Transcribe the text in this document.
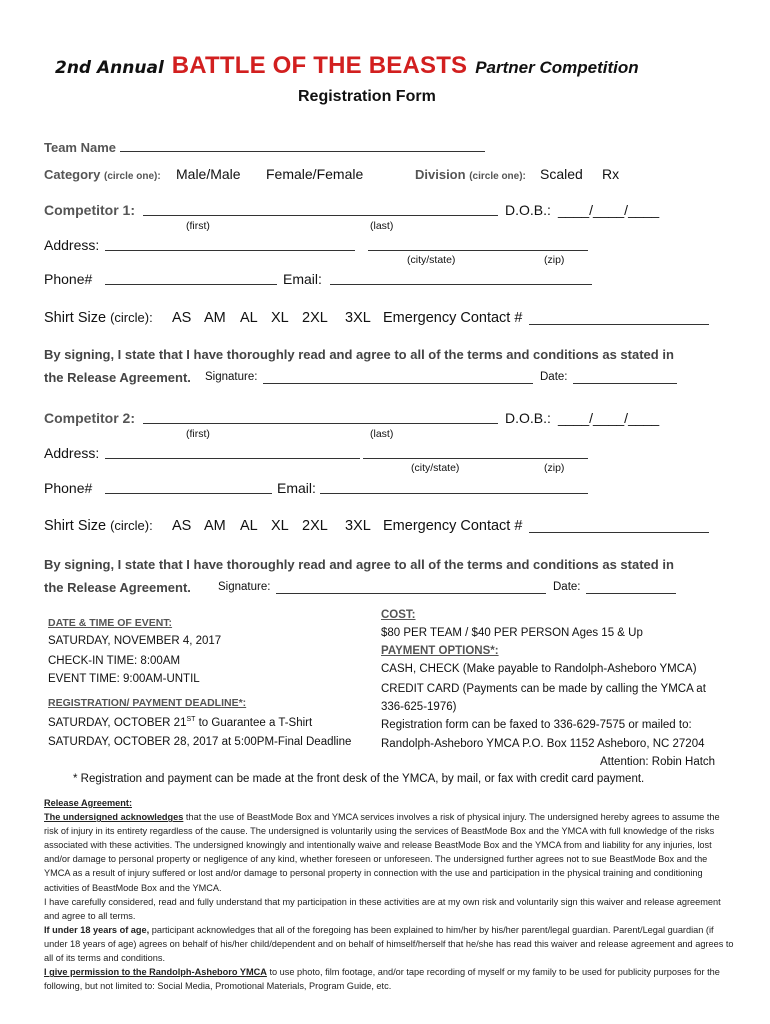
2nd Annual BATTLE OF THE BEASTS Partner Competition
Registration Form
Team Name
Category (circle one): Male/Male Female/Female	Division (circle one): Scaled Rx
Competitor 1:	D.O.B.: ____/____/____
(first)	(last)
Address:
(city/state)	(zip)
Phone#	Email:
Shirt Size (circle): AS AM AL XL 2XL 3XL Emergency Contact #
By signing, I state that I have thoroughly read and agree to all of the terms and conditions as stated in
the Release Agreement. Signature:	Date:
Competitor 2:	D.O.B.: ____/____/____
(first)	(last)
Address:
(city/state)	(zip)
Phone#	Email:
Shirt Size (circle): AS AM AL XL 2XL 3XL Emergency Contact #
By signing, I state that I have thoroughly read and agree to all of the terms and conditions as stated in
the Release Agreement. Signature:	Date:
DATE & TIME OF EVENT:
SATURDAY, NOVEMBER 4, 2017
CHECK-IN TIME: 8:00AM
EVENT TIME: 9:00AM-UNTIL
REGISTRATION/ PAYMENT DEADLINE*:
SATURDAY, OCTOBER 21ST to Guarantee a T-Shirt
SATURDAY, OCTOBER 28, 2017 at 5:00PM-Final Deadline
COST:
$80 PER TEAM / $40 PER PERSON Ages 15 & Up
PAYMENT OPTIONS*:
CASH, CHECK (Make payable to Randolph-Asheboro YMCA)
CREDIT CARD (Payments can be made by calling the YMCA at
336-625-1976)
Registration form can be faxed to 336-629-7575 or mailed to:
Randolph-Asheboro YMCA P.O. Box 1152 Asheboro, NC 27204
Attention: Robin Hatch
* Registration and payment can be made at the front desk of the YMCA, by mail, or fax with credit card payment.

Release Agreement:

The undersigned acknowledges that the use of BeastMode Box and YMCA services involves a risk of physical injury. The undersigned hereby agrees to assume the risk of injury in its entirety regardless of the cause. The undersigned is voluntarily using the services of BeastMode Box and the YMCA with full knowledge of the risks associated with these activities. The undersigned knowingly and intentionally waive and release BeastMode Box and the YMCA from and liability for any injuries, lost and/or damage to personal property or negligence of any kind, whether foreseen or unforeseen. The undersigned further agrees not to sue BeastMode Box and the YMCA as a result of injury suffered or lost and/or damage to personal property in connection with the use and participation in the physical training and conditioning activities of BeastMode Box and the YMCA.

I have carefully considered, read and fully understand that my participation in these activities are at my own risk and voluntarily sign this waiver and release agreement and agree to all terms.

If under 18 years of age, participant acknowledges that all of the foregoing has been explained to him/her by his/her parent/legal guardian. Parent/Legal guardian (if under 18 years of age) agrees on behalf of his/her child/dependent and on behalf of himself/herself that he/she has read this waiver and release agreement and agrees to all of its terms and conditions.

I give permission to the Randolph-Asheboro YMCA to use photo, film footage, and/or tape recording of myself or my family to be used for publicity purposes for the following, but not limited to: Social Media, Promotional Materials, Program Guide, etc.
